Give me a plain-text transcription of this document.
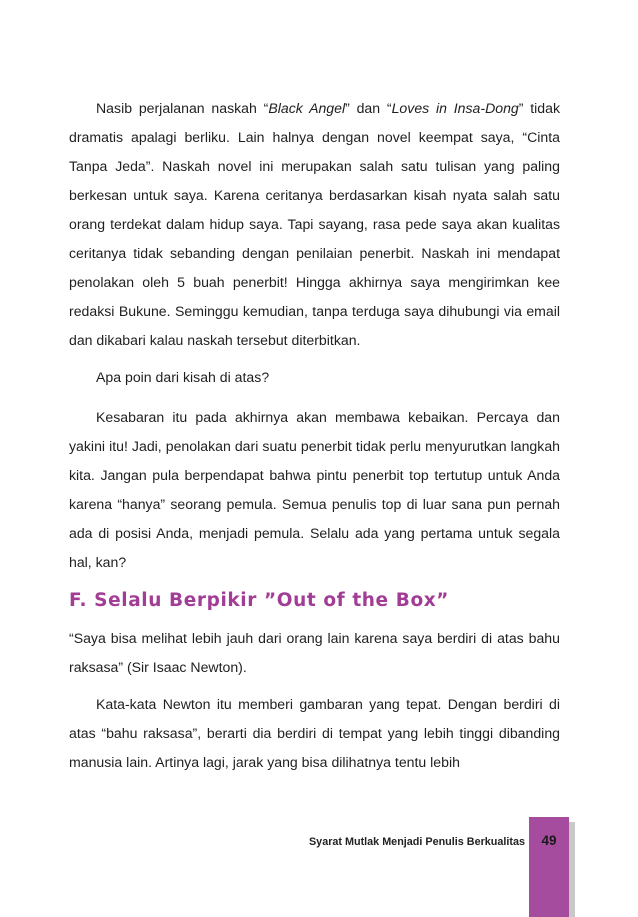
Nasib perjalanan naskah “Black Angel” dan “Loves in Insa-Dong” tidak dramatis apalagi berliku. Lain halnya dengan novel keempat saya, “Cinta Tanpa Jeda”. Naskah novel ini merupakan salah satu tulisan yang paling berkesan untuk saya. Karena ceritanya berdasarkan kisah nyata salah satu orang terdekat dalam hidup saya. Tapi sayang, rasa pede saya akan kualitas ceritanya tidak sebanding dengan penilaian penerbit. Naskah ini mendapat penolakan oleh 5 buah penerbit! Hingga akhirnya saya mengirimkan kee redaksi Bukune. Seminggu kemudian, tanpa terduga saya dihubungi via email dan dikabari kalau naskah tersebut diterbitkan.

Apa poin dari kisah di atas?

Kesabaran itu pada akhirnya akan membawa kebaikan. Percaya dan yakini itu! Jadi, penolakan dari suatu penerbit tidak perlu menyurutkan langkah kita. Jangan pula berpendapat bahwa pintu penerbit top tertutup untuk Anda karena “hanya” seorang pemula. Semua penulis top di luar sana pun pernah ada di posisi Anda, menjadi pemula. Selalu ada yang pertama untuk segala hal, kan?

F. Selalu Berpikir ”Out of the Box”

“Saya bisa melihat lebih jauh dari orang lain karena saya berdiri di atas bahu raksasa” (Sir Isaac Newton).

Kata-kata Newton itu memberi gambaran yang tepat. Dengan berdiri di atas “bahu raksasa”, berarti dia berdiri di tempat yang lebih tinggi dibanding manusia lain. Artinya lagi, jarak yang bisa dilihatnya tentu lebih

Syarat Mutlak Menjadi Penulis Berkualitas	49
